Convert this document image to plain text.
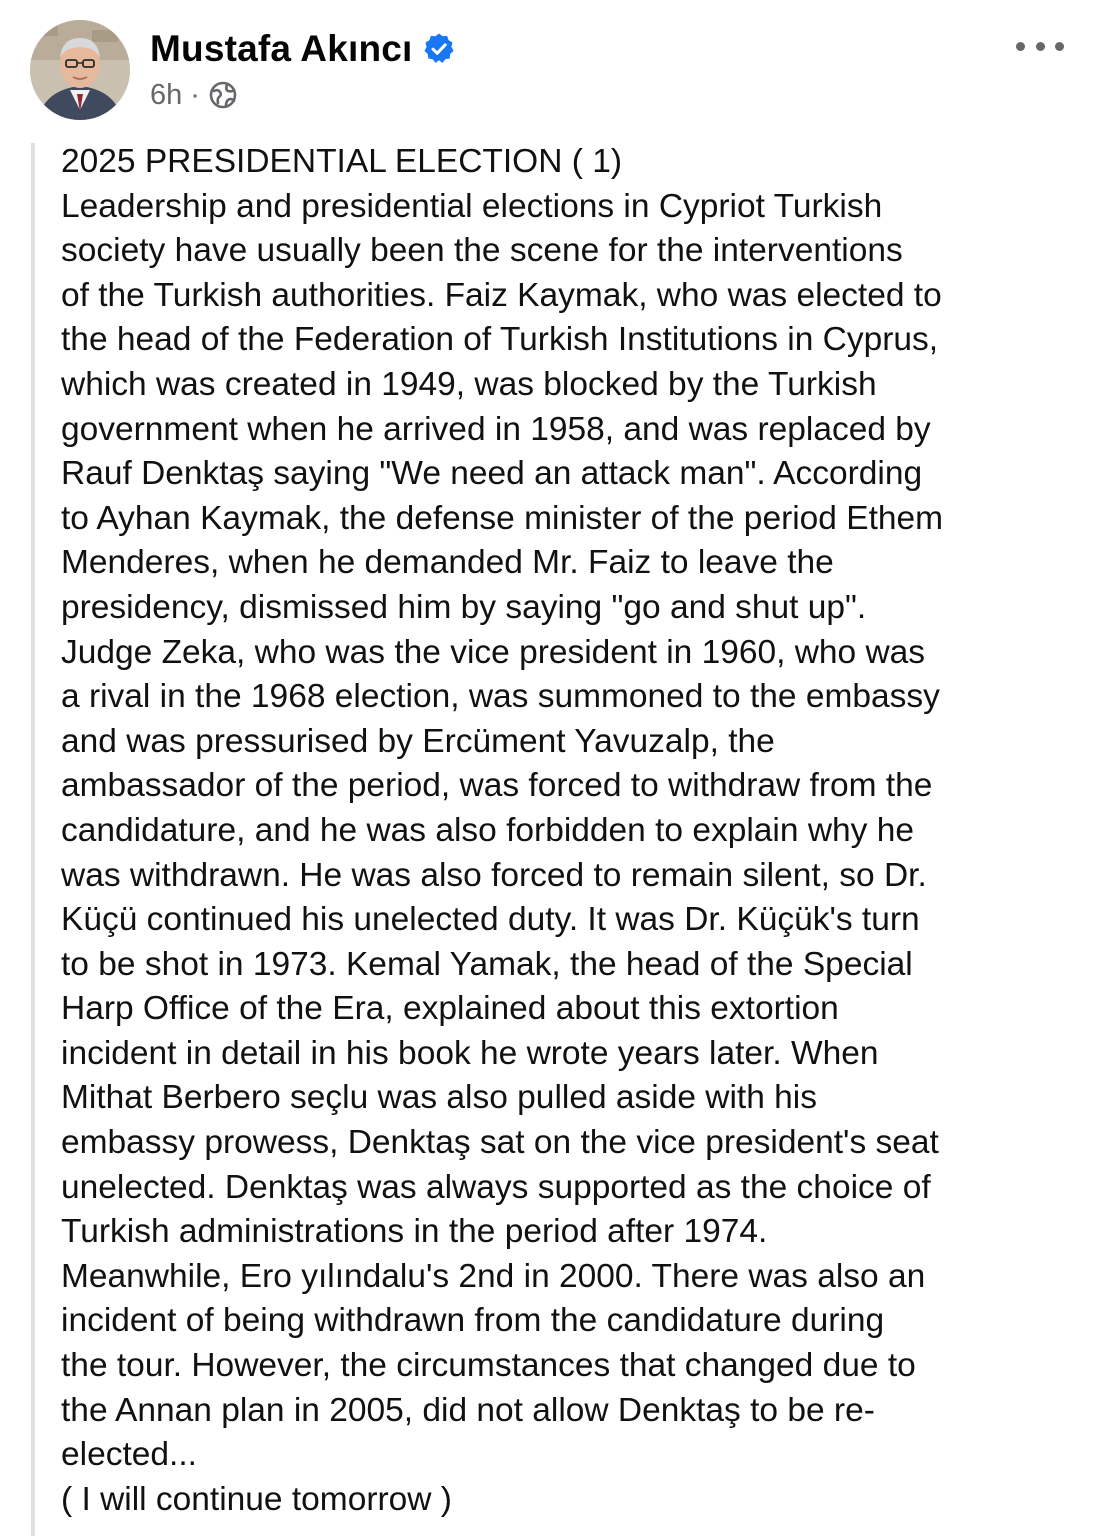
Mustafa Akıncı
6h ·
2025 PRESIDENTIAL ELECTION ( 1)
Leadership and presidential elections in Cypriot Turkish
society have usually been the scene for the interventions
of the Turkish authorities. Faiz Kaymak, who was elected to
the head of the Federation of Turkish Institutions in Cyprus,
which was created in 1949, was blocked by the Turkish
government when he arrived in 1958, and was replaced by
Rauf Denktaş saying "We need an attack man". According
to Ayhan Kaymak, the defense minister of the period Ethem
Menderes, when he demanded Mr. Faiz to leave the
presidency, dismissed him by saying "go and shut up".
Judge Zeka, who was the vice president in 1960, who was
a rival in the 1968 election, was summoned to the embassy
and was pressurised by Ercüment Yavuzalp, the
ambassador of the period, was forced to withdraw from the
candidature, and he was also forbidden to explain why he
was withdrawn. He was also forced to remain silent, so Dr.
Küçü continued his unelected duty. It was Dr. Küçük's turn
to be shot in 1973. Kemal Yamak, the head of the Special
Harp Office of the Era, explained about this extortion
incident in detail in his book he wrote years later. When
Mithat Berbero seçlu was also pulled aside with his
embassy prowess, Denktaş sat on the vice president's seat
unelected. Denktaş was always supported as the choice of
Turkish administrations in the period after 1974.
Meanwhile, Ero yılındalu's 2nd in 2000. There was also an
incident of being withdrawn from the candidature during
the tour. However, the circumstances that changed due to
the Annan plan in 2005, did not allow Denktaş to be re-
elected...
( I will continue tomorrow )
